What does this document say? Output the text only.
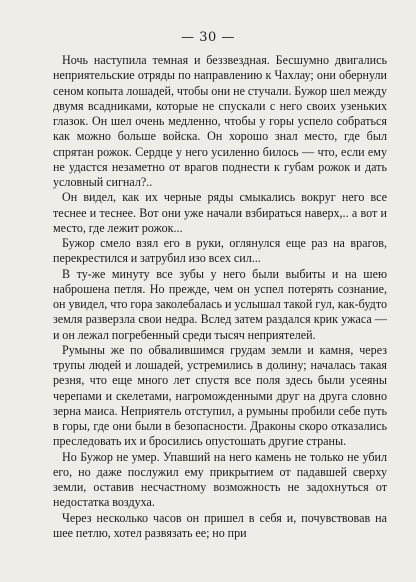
— 30 —

Ночь наступила темная и беззвездная. Бесшумно двигались неприятельские отряды по направлению к Чахлау; они обернули сеном копыта лошадей, чтобы они не стучали. Бужор шел между двумя всадниками, которые не спускали с него своих узеньких глазок. Он шел очень медленно, чтобы у горы успело собраться как можно больше войска. Он хорошо знал место, где был спрятан рожок. Сердце у него усиленно билось — что, если ему не удастся незаметно от врагов поднести к губам рожок и дать условный сигнал?..

Он видел, как их черные ряды смыкались вокруг него все теснее и теснее. Вот они уже начали взбираться наверх,.. а вот и место, где лежит рожок...

Бужор смело взял его в руки, оглянулся еще раз на врагов, перекрестился и затрубил изо всех сил...

В ту-же минуту все зубы у него были выбиты и на шею наброшена петля. Но прежде, чем он успел потерять сознание, он увидел, что гора заколебалась и услышал такой гул, как-будто земля разверзла свои недра. Вслед затем раздался крик ужаса — и он лежал погребенный среди тысяч неприятелей.

Румыны же по обвалившимся грудам земли и камня, через трупы людей и лошадей, устремились в долину; началась такая резня, что еще много лет спустя все поля здесь были усеяны черепами и скелетами, нагроможденными друг на друга словно зерна маиса. Неприятель отступил, а румыны пробили себе путь в горы, где они были в безопасности. Драконы скоро отказались преследовать их и бросились опустошать другие страны.

Но Бужор не умер. Упавший на него камень не только не убил его, но даже послужил ему прикрытием от падавшей сверху земли, оставив несчастному возможность не задохнуться от недостатка воздуха.

Через несколько часов он пришел в себя и, почувствовав на шее петлю, хотел развязать ее; но при
